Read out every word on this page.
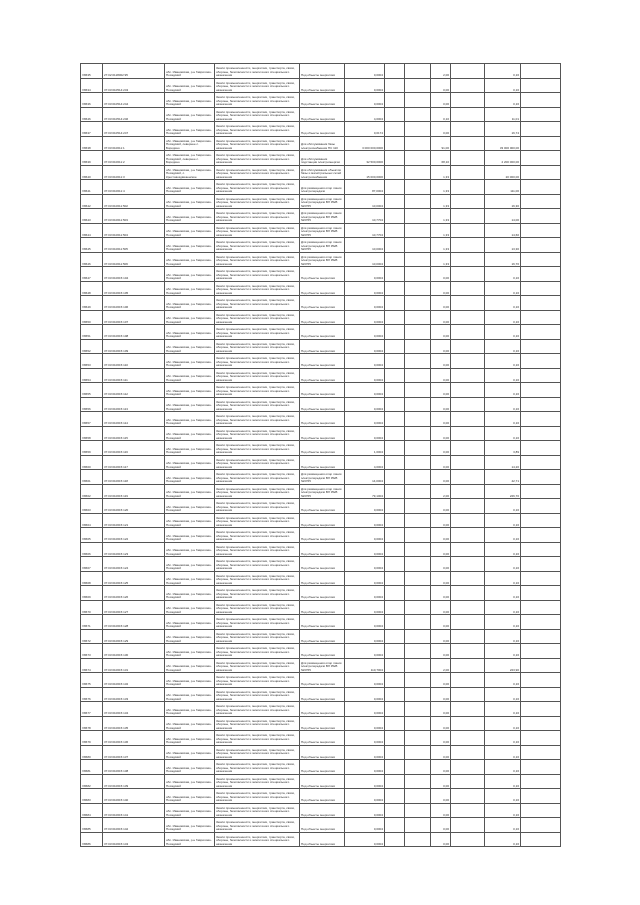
V8635	27:02:0118002:95	обл. Ивановская, р-н Гаврилово-Посадский	Земли промышленности, энергетики, транспорта, связи, обороны, безопасности и земли иного специального назначения	Под объекты энергетики	0,0004			2,00		0,16	
V8634	37:03:010514:243	обл. Ивановская, р-н Гаврилово-Посадский	Земли промышленности, энергетики, транспорта, связи, обороны, безопасности и земли иного специального назначения	Под объекты энергетики	0,0004			0,00		0,16	
V8636	37:03:010514:244	обл. Ивановская, р-н Гаврилово-Посадский	Земли промышленности, энергетики, транспорта, связи, обороны, безопасности и земли иного специального назначения	Под объекты энергетики	0,0004			0,00		0,16	
V8646	37:03:010514:246	обл. Ивановская, р-н Гаврилово-Посадский	Земли промышленности, энергетики, транспорта, связи, обороны, безопасности и земли иного специального назначения	Под объекты энергетики	4,0004			0,10		11,01	
V8637	37:03:010514:247	обл. Ивановская, р-н Гаврилово-Посадский	Земли промышленности, энергетики, транспорта, связи, обороны, безопасности и земли иного специального назначения	Под объекты энергетики	0,0174			0,00		16,74	
V8638	37:03:010611:1	обл. Ивановская, р-н Гаврилово-Посадский, севернее с. Бородино	Земли промышленности, энергетики, транспорта, связи, обороны, безопасности и земли иного специального назначения	Для обслуживания базы электроснабжения ПС 110	3 000 000,0000			91,00		33 000 000,00	
V8639	37:03:010611:2	обл. Ивановская, р-н Гаврилово-Посадский, севернее с. Бородино	Земли промышленности, энергетики, транспорта, связи, обороны, безопасности и земли иного специального назначения	Для обслуживания подстанции электроэнергии	32 500,0000			68,10		2 200 000,00	
V8640	37:03:010611:3	обл. Ивановская, р-н Гаврилово-Посадский, с. Крестовоздвиженское	Земли промышленности, энергетики, транспорта, связи, обороны, безопасности и земли иного специального назначения	Для обслуживания объектов базы и магистральных сетей электроснабжения	15 000,0000			1,33		20 000,00	
V8641	37:03:010611:4	обл. Ивановская, р-н Гаврилово-Посадский	Земли промышленности, энергетики, транспорта, связи, обороны, безопасности и земли иного специального назначения	Для размещения опор линии электропередачи	87,0004			1,33		111,00	
V8642	37:03:010611:502	обл. Ивановская, р-н Гаврилово-Посадский	Земли промышленности, энергетики, транспорта, связи, обороны, безопасности и земли иного специального назначения	Для размещения опор линии электропередачи ВЛ 35кВ №6765	10,0004			1,33		16,30	
V8643	37:03:010611:503	обл. Ивановская, р-н Гаврилово-Посадский	Земли промышленности, энергетики, транспорта, связи, обороны, безопасности и земли иного специального назначения	Для размещения опор линии электропередачи ВЛ 35кВ №6765	10,7704			1,33		14,00	
V8644	37:03:010611:504	обл. Ивановская, р-н Гаврилово-Посадский	Земли промышленности, энергетики, транспорта, связи, обороны, безопасности и земли иного специального назначения	Для размещения опор линии электропередачи ВЛ 35кВ №6765	10,7704			1,33		14,60	
V8645	37:03:010611:505	обл. Ивановская, р-н Гаврилово-Посадский	Земли промышленности, энергетики, транспорта, связи, обороны, безопасности и земли иного специального назначения	Для размещения опор линии электропередачи ВЛ 35кВ №6765	10,0004			1,33		13,30	
V8646	37:03:010611:506	обл. Ивановская, р-н Гаврилово-Посадский	Земли промышленности, энергетики, транспорта, связи, обороны, безопасности и земли иного специального назначения	Для размещения опор линии электропередачи ВЛ 35кВ №6765	10,0004			1,33		16,70	
V8647	37:03:010615:104	обл. Ивановская, р-н Гаврилово-Посадский	Земли промышленности, энергетики, транспорта, связи, обороны, безопасности и земли иного специального назначения	Под объекты энергетики	0,0004			0,00		0,16	
V8648	37:03:010615:105	обл. Ивановская, р-н Гаврилово-Посадский	Земли промышленности, энергетики, транспорта, связи, обороны, безопасности и земли иного специального назначения	Под объекты энергетики	0,0004			0,00		0,16	
V8649	37:03:010615:106	обл. Ивановская, р-н Гаврилово-Посадский	Земли промышленности, энергетики, транспорта, связи, обороны, безопасности и земли иного специального назначения	Под объекты энергетики	0,0004			0,00		0,16	
V8650	37:03:010615:107	обл. Ивановская, р-н Гаврилово-Посадский	Земли промышленности, энергетики, транспорта, связи, обороны, безопасности и земли иного специального назначения	Под объекты энергетики	0,0004			0,00		0,16	
V8651	37:03:010615:108	обл. Ивановская, р-н Гаврилово-Посадский	Земли промышленности, энергетики, транспорта, связи, обороны, безопасности и земли иного специального назначения	Под объекты энергетики	0,0004			0,00		0,16	
V8652	37:03:010615:109	обл. Ивановская, р-н Гаврилово-Посадский	Земли промышленности, энергетики, транспорта, связи, обороны, безопасности и земли иного специального назначения	Под объекты энергетики	0,0004			0,00		0,16	
V8653	37:03:010615:110	обл. Ивановская, р-н Гаврилово-Посадский	Земли промышленности, энергетики, транспорта, связи, обороны, безопасности и земли иного специального назначения	Под объекты энергетики	0,0004			0,00		0,16	
V8654	37:03:010615:111	обл. Ивановская, р-н Гаврилово-Посадский	Земли промышленности, энергетики, транспорта, связи, обороны, безопасности и земли иного специального назначения	Под объекты энергетики	0,0004			0,00		0,16	
V8655	37:03:010615:112	обл. Ивановская, р-н Гаврилово-Посадский	Земли промышленности, энергетики, транспорта, связи, обороны, безопасности и земли иного специального назначения	Под объекты энергетики	0,0004			0,00		0,16	
V8656	37:03:010615:113	обл. Ивановская, р-н Гаврилово-Посадский	Земли промышленности, энергетики, транспорта, связи, обороны, безопасности и земли иного специального назначения	Под объекты энергетики	0,0004			0,00		0,16	
V8657	37:03:010615:114	обл. Ивановская, р-н Гаврилово-Посадский	Земли промышленности, энергетики, транспорта, связи, обороны, безопасности и земли иного специального назначения	Под объекты энергетики	0,0004			0,00		0,16	
V8658	37:03:010615:115	обл. Ивановская, р-н Гаврилово-Посадский	Земли промышленности, энергетики, транспорта, связи, обороны, безопасности и земли иного специального назначения	Под объекты энергетики	0,0004			0,00		0,16	
V8659	37:03:010615:116	обл. Ивановская, р-н Гаврилово-Посадский	Земли промышленности, энергетики, транспорта, связи, обороны, безопасности и земли иного специального назначения	Под объекты энергетики	1,0004			0,00		3,89	
V8660	37:03:010615:117	обл. Ивановская, р-н Гаврилово-Посадский	Земли промышленности, энергетики, транспорта, связи, обороны, безопасности и земли иного специального назначения	Под объекты энергетики	4,0004			0,00		14,20	
V8661	37:03:010615:118	обл. Ивановская, р-н Гаврилово-Посадский	Земли промышленности, энергетики, транспорта, связи, обороны, безопасности и земли иного специального назначения	Для размещения опор линии электропередачи ВЛ 35кВ №6765	14,0004			0,00		42,71	
V8662	37:03:010615:119	обл. Ивановская, р-н Гаврилово-Посадский	Земли промышленности, энергетики, транспорта, связи, обороны, безопасности и земли иного специального назначения	Для размещения опор линии электропередачи ВЛ 35кВ №6765	79,1004			2,00		226,70	
V8663	37:03:010615:120	обл. Ивановская, р-н Гаврилово-Посадский	Земли промышленности, энергетики, транспорта, связи, обороны, безопасности и земли иного специального назначения	Под объекты энергетики	0,0004			0,00		0,16	
V8664	37:03:010615:121	обл. Ивановская, р-н Гаврилово-Посадский	Земли промышленности, энергетики, транспорта, связи, обороны, безопасности и земли иного специального назначения	Под объекты энергетики	0,0004			0,00		0,16	
V8665	37:03:010615:122	обл. Ивановская, р-н Гаврилово-Посадский	Земли промышленности, энергетики, транспорта, связи, обороны, безопасности и земли иного специального назначения	Под объекты энергетики	0,0004			0,00		0,16	
V8666	37:03:010615:123	обл. Ивановская, р-н Гаврилово-Посадский	Земли промышленности, энергетики, транспорта, связи, обороны, безопасности и земли иного специального назначения	Под объекты энергетики	0,0004			0,00		0,16	
V8667	37:03:010615:124	обл. Ивановская, р-н Гаврилово-Посадский	Земли промышленности, энергетики, транспорта, связи, обороны, безопасности и земли иного специального назначения	Под объекты энергетики	0,0004			0,00		0,16	
V8668	37:03:010615:125	обл. Ивановская, р-н Гаврилово-Посадский	Земли промышленности, энергетики, транспорта, связи, обороны, безопасности и земли иного специального назначения	Под объекты энергетики	0,0004			0,00		0,16	
V8669	37:03:010615:126	обл. Ивановская, р-н Гаврилово-Посадский	Земли промышленности, энергетики, транспорта, связи, обороны, безопасности и земли иного специального назначения	Под объекты энергетики	0,0004			0,00		0,16	
V8670	37:03:010615:127	обл. Ивановская, р-н Гаврилово-Посадский	Земли промышленности, энергетики, транспорта, связи, обороны, безопасности и земли иного специального назначения	Под объекты энергетики	0,0004			0,00		0,16	
V8671	37:03:010615:128	обл. Ивановская, р-н Гаврилово-Посадский	Земли промышленности, энергетики, транспорта, связи, обороны, безопасности и земли иного специального назначения	Под объекты энергетики	0,0004			0,00		0,16	
V8672	37:03:010615:129	обл. Ивановская, р-н Гаврилово-Посадский	Земли промышленности, энергетики, транспорта, связи, обороны, безопасности и земли иного специального назначения	Под объекты энергетики	0,0004			0,00		0,16	
V8673	37:03:010615:130	обл. Ивановская, р-н Гаврилово-Посадский	Земли промышленности, энергетики, транспорта, связи, обороны, безопасности и земли иного специального назначения	Под объекты энергетики	0,0004			0,00		0,16	
V8674	37:03:010615:131	обл. Ивановская, р-н Гаврилово-Посадский	Земли промышленности, энергетики, транспорта, связи, обороны, безопасности и земли иного специального назначения	Для размещения опор линии электропередачи ВЛ 35кВ №6765	110,7004			2,00		223,90	
V8675	37:03:010615:132	обл. Ивановская, р-н Гаврилово-Посадский	Земли промышленности, энергетики, транспорта, связи, обороны, безопасности и земли иного специального назначения	Под объекты энергетики	0,0004			0,00		0,16	
V8676	37:03:010615:133	обл. Ивановская, р-н Гаврилово-Посадский	Земли промышленности, энергетики, транспорта, связи, обороны, безопасности и земли иного специального назначения	Под объекты энергетики	0,0004			0,00		0,16	
V8677	37:03:010615:134	обл. Ивановская, р-н Гаврилово-Посадский	Земли промышленности, энергетики, транспорта, связи, обороны, безопасности и земли иного специального назначения	Под объекты энергетики	0,0004			0,00		0,16	
V8678	37:03:010615:135	обл. Ивановская, р-н Гаврилово-Посадский	Земли промышленности, энергетики, транспорта, связи, обороны, безопасности и земли иного специального назначения	Под объекты энергетики	0,0004			0,00		0,16	
V8679	37:03:010615:136	обл. Ивановская, р-н Гаврилово-Посадский	Земли промышленности, энергетики, транспорта, связи, обороны, безопасности и земли иного специального назначения	Под объекты энергетики	0,0004			0,00		0,16	
V8680	37:03:010615:137	обл. Ивановская, р-н Гаврилово-Посадский	Земли промышленности, энергетики, транспорта, связи, обороны, безопасности и земли иного специального назначения	Под объекты энергетики	0,0004			0,00		0,16	
V8681	37:03:010615:138	обл. Ивановская, р-н Гаврилово-Посадский	Земли промышленности, энергетики, транспорта, связи, обороны, безопасности и земли иного специального назначения	Под объекты энергетики	0,0004			0,00		0,16	
V8682	37:03:010615:139	обл. Ивановская, р-н Гаврилово-Посадский	Земли промышленности, энергетики, транспорта, связи, обороны, безопасности и земли иного специального назначения	Под объекты энергетики	0,0004			0,00		0,16	
V8683	37:03:010615:140	обл. Ивановская, р-н Гаврилово-Посадский	Земли промышленности, энергетики, транспорта, связи, обороны, безопасности и земли иного специального назначения	Под объекты энергетики	0,0004			0,00		0,16	
V8684	37:03:010615:141	обл. Ивановская, р-н Гаврилово-Посадский	Земли промышленности, энергетики, транспорта, связи, обороны, безопасности и земли иного специального назначения	Под объекты энергетики	0,0004			0,00		0,16	
V8685	37:03:010615:142	обл. Ивановская, р-н Гаврилово-Посадский	Земли промышленности, энергетики, транспорта, связи, обороны, безопасности и земли иного специального назначения	Под объекты энергетики	0,0004			0,00		0,16	
V8686	37:03:010615:143	обл. Ивановская, р-н Гаврилово-Посадский	Земли промышленности, энергетики, транспорта, связи, обороны, безопасности и земли иного специального назначения	Под объекты энергетики	0,0004			0,00		0,16	
